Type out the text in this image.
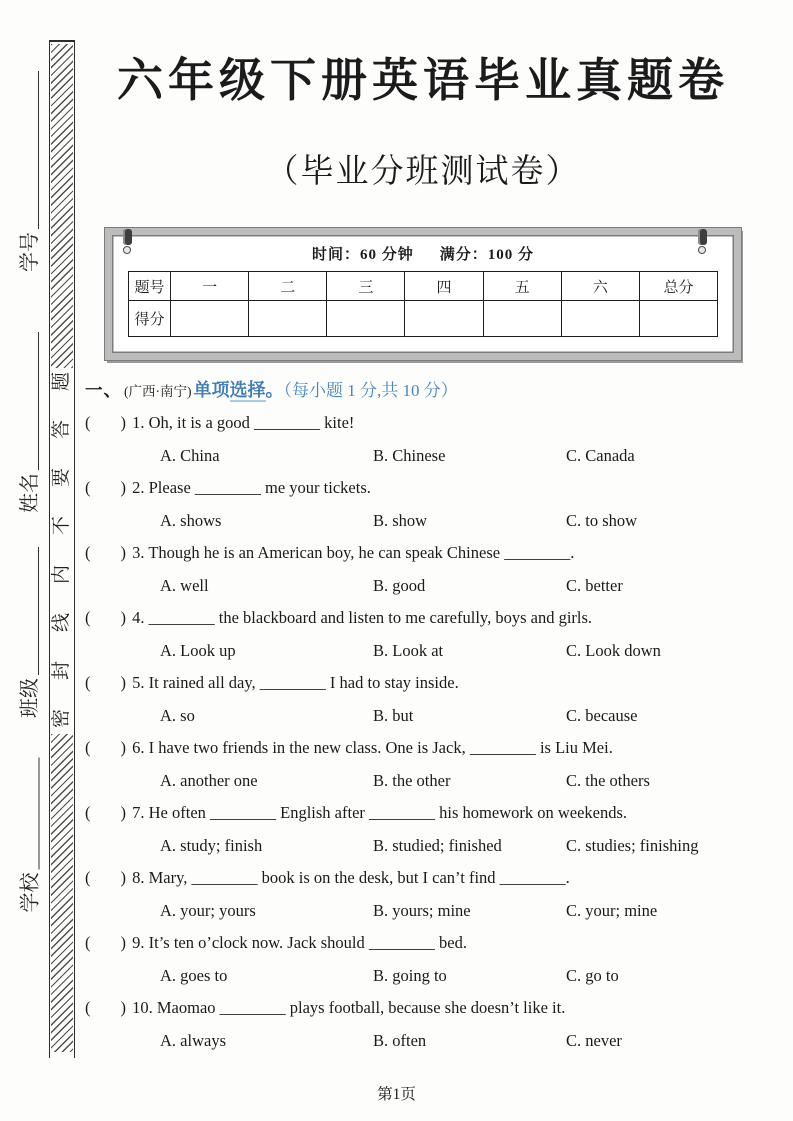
题
答
要
不
内
线
封
密
学号
姓名
班级
学校
六年级下册英语毕业真题卷
（毕业分班测试卷）
时间：60 分钟 满分：100 分
题号	一	二	三	四	五	六	总分
得分							
一、 (广西·南宁) 单项选择。（每小题 1 分,共 10 分）
( ) 1. Oh, it is a good ________ kite!
A. China	B. Chinese	C. Canada
( ) 2. Please ________ me your tickets.
A. shows	B. show	C. to show
( ) 3. Though he is an American boy, he can speak Chinese ________.
A. well	B. good	C. better
( ) 4. ________ the blackboard and listen to me carefully, boys and girls.
A. Look up	B. Look at	C. Look down
( ) 5. It rained all day, ________ I had to stay inside.
A. so	B. but	C. because
( ) 6. I have two friends in the new class. One is Jack, ________ is Liu Mei.
A. another one	B. the other	C. the others
( ) 7. He often ________ English after ________ his homework on weekends.
A. study; finish	B. studied; finished	C. studies; finishing
( ) 8. Mary, ________ book is on the desk, but I can’t find ________.
A. your; yours	B. yours; mine	C. your; mine
( ) 9. It’s ten o’clock now. Jack should ________ bed.
A. goes to	B. going to	C. go to
( ) 10. Maomao ________ plays football, because she doesn’t like it.
A. always	B. often	C. never
第1页
